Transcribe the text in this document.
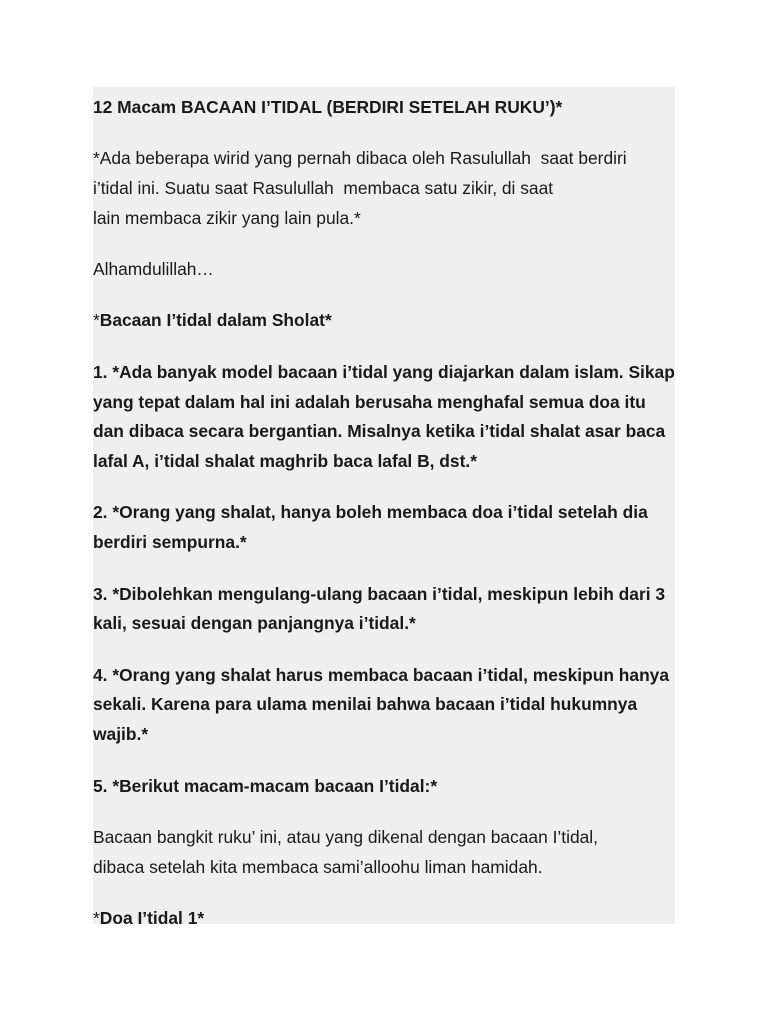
12 Macam BACAAN I’TIDAL (BERDIRI SETELAH RUKU’)*

*Ada beberapa wirid yang pernah dibaca oleh Rasulullah  saat berdiri

i’tidal ini. Suatu saat Rasulullah  membaca satu zikir, di saat

lain membaca zikir yang lain pula.*

Alhamdulillah…

*Bacaan I’tidal dalam Sholat*

1. *Ada banyak model bacaan i’tidal yang diajarkan dalam islam. Sikap

yang tepat dalam hal ini adalah berusaha menghafal semua doa itu

dan dibaca secara bergantian. Misalnya ketika i’tidal shalat asar baca

lafal A, i’tidal shalat maghrib baca lafal B, dst.*

2. *Orang yang shalat, hanya boleh membaca doa i’tidal setelah dia

berdiri sempurna.*

3. *Dibolehkan mengulang-ulang bacaan i’tidal, meskipun lebih dari 3

kali, sesuai dengan panjangnya i’tidal.*

4. *Orang yang shalat harus membaca bacaan i’tidal, meskipun hanya

sekali. Karena para ulama menilai bahwa bacaan i’tidal hukumnya

wajib.*

5. *Berikut macam-macam bacaan I’tidal:*

Bacaan bangkit ruku’ ini, atau yang dikenal dengan bacaan I’tidal,

dibaca setelah kita membaca sami’alloohu liman hamidah.

*Doa I’tidal 1*
